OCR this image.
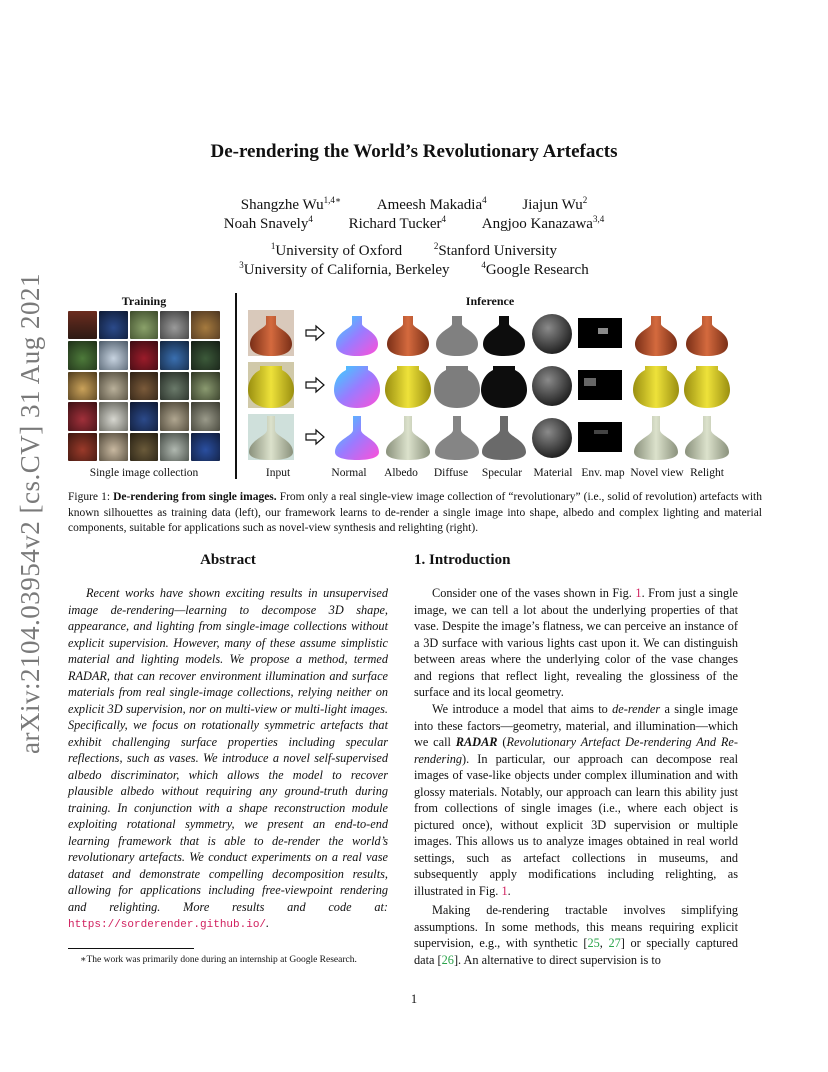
arXiv:2104.03954v2 [cs.CV] 31 Aug 2021
De-rendering the World’s Revolutionary Artefacts
Shangzhe $Wu^{1,4∗}$ Ameesh Makadia$^4$ Jiajun Wu$^2$
Noah Snavely$^4$ Richard Tucker$^4$ Angjoo Kanazawa$^{3,4}$
$^1$University of Oxford	$^2$Stanford University
$^3$University of California, Berkeley	$^4$Google Research
Training	Inference
Single image collection	Input	Normal	Albedo	Diffuse	Specular Material Env. map Novel view Relight
Figure 1: De-rendering from single images. From only a real single-view image collection of “revolutionary” (i.e., solid of revolution) artefacts with known silhouettes as training data (left), our framework learns to de-render a single image into shape, albedo and complex lighting and material components, suitable for applications such as novel-view synthesis and relighting (right).
Abstract
Recent works have shown exciting results in unsupervised image de-rendering—learning to decompose 3D shape, appearance, and lighting from single-image collections without explicit supervision. However, many of these assume simplistic material and lighting models. We propose a method, termed RADAR, that can recover environment illumination and surface materials from real single-image collections, relying neither on explicit 3D supervision, nor on multi-view or multi-light images. Specifically, we focus on rotationally symmetric artefacts that exhibit challenging surface properties including specular reflections, such as vases. We introduce a novel self-supervised albedo discriminator, which allows the model to recover plausible albedo without requiring any ground-truth during training. In conjunction with a shape reconstruction module exploiting rotational symmetry, we present an end-to-end learning framework that is able to de-render the world’s revolutionary artefacts. We conduct experiments on a real vase dataset and demonstrate compelling decomposition results, allowing for applications including free-viewpoint rendering and relighting. More results and code at: https://sorderender.github.io/.
1. Introduction
Consider one of the vases shown in Fig. 1. From just a single image, we can tell a lot about the underlying properties of that vase. Despite the image’s flatness, we can perceive an instance of a 3D surface with various lights cast upon it. We can distinguish between areas where the underlying color of the vase changes and regions that reflect light, revealing the glossiness of the surface and its local geometry.
We introduce a model that aims to de-render a single image into these factors—geometry, material, and illumination—which we call RADAR (Revolutionary Artefact De-rendering And Re-rendering). In particular, our approach can decompose real images of vase-like objects under complex illumination and with glossy materials. Notably, our approach can learn this ability just from collections of single images (i.e., where each object is pictured once), without explicit 3D supervision or multiple images. This allows us to analyze images obtained in real world settings, such as artefact collections in museums, and subsequently apply modifications including relighting, as illustrated in Fig. 1.
Making de-rendering tractable involves simplifying assumptions. In some methods, this means requiring explicit supervision, e.g., with synthetic [25, 27] or specially captured data [26]. An alternative to direct supervision is to
∗The work was primarily done during an internship at Google Research.
1
